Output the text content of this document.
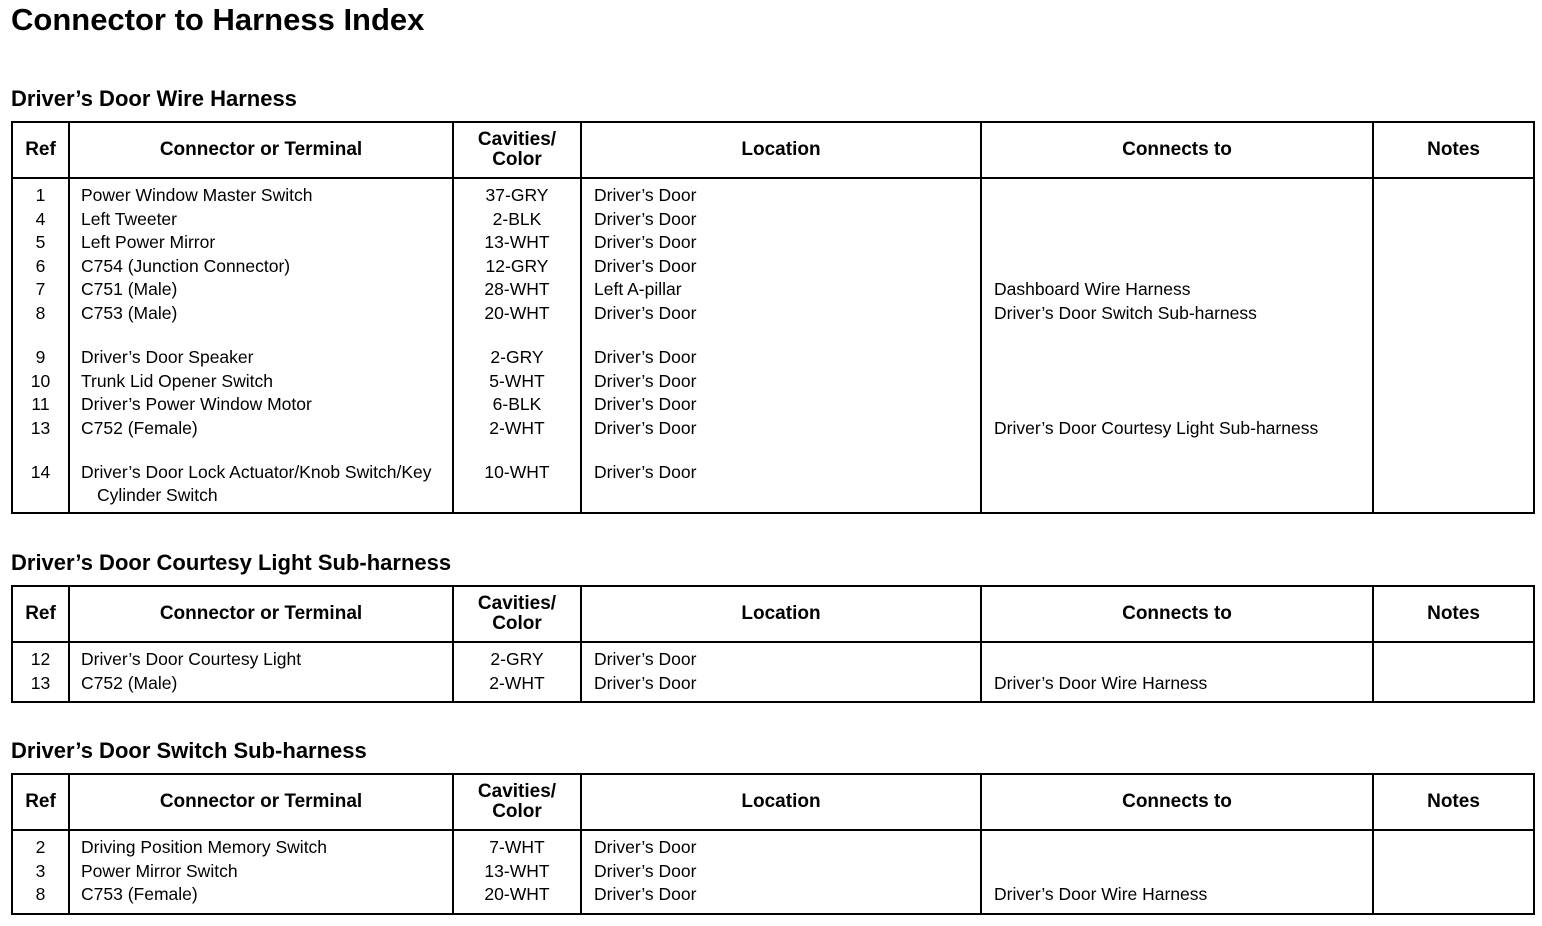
Connector to Harness Index
Driver’s Door Wire Harness
Ref	Connector or Terminal	Cavities/
Color	Location	Connects to	Notes
1	Power Window Master Switch	37-GRY	Driver’s Door		
4	Left Tweeter	2-BLK	Driver’s Door		
5	Left Power Mirror	13-WHT	Driver’s Door		
6	C754 (Junction Connector)	12-GRY	Driver’s Door		
7	C751 (Male)	28-WHT	Left A-pillar	Dashboard Wire Harness	
8	C753 (Male)	20-WHT	Driver’s Door	Driver’s Door Switch Sub-harness	
9	Driver’s Door Speaker	2-GRY	Driver’s Door		
10	Trunk Lid Opener Switch	5-WHT	Driver’s Door		
11	Driver’s Power Window Motor	6-BLK	Driver’s Door		
13	C752 (Female)	2-WHT	Driver’s Door	Driver’s Door Courtesy Light Sub-harness	
14	Driver’s Door Lock Actuator/Knob Switch/Key
Cylinder Switch	10-WHT	Driver’s Door		
Driver’s Door Courtesy Light Sub-harness
Ref	Connector or Terminal	Cavities/
Color	Location	Connects to	Notes
12	Driver’s Door Courtesy Light	2-GRY	Driver’s Door		
13	C752 (Male)	2-WHT	Driver’s Door	Driver’s Door Wire Harness	
Driver’s Door Switch Sub-harness
Ref	Connector or Terminal	Cavities/
Color	Location	Connects to	Notes
2	Driving Position Memory Switch	7-WHT	Driver’s Door		
3	Power Mirror Switch	13-WHT	Driver’s Door		
8	C753 (Female)	20-WHT	Driver’s Door	Driver’s Door Wire Harness	
